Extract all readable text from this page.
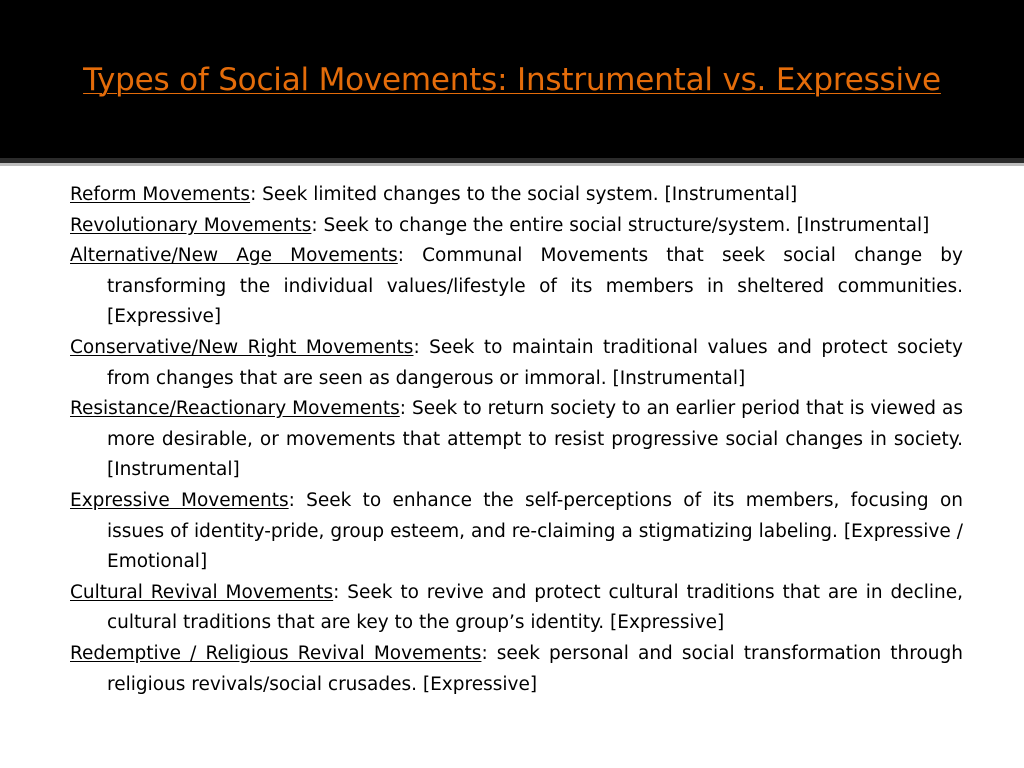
Types of Social Movements: Instrumental vs. Expressive

Reform Movements: Seek limited changes to the social system. [Instrumental]

Revolutionary Movements: Seek to change the entire social structure/system. [Instrumental]

Alternative/New Age Movements: Communal Movements that seek social change by transforming the individual values/lifestyle of its members in sheltered communities. [Expressive]

Conservative/New Right Movements: Seek to maintain traditional values and protect society from changes that are seen as dangerous or immoral. [Instrumental]

Resistance/Reactionary Movements: Seek to return society to an earlier period that is viewed as more desirable, or movements that attempt to resist progressive social changes in society. [Instrumental]

Expressive Movements: Seek to enhance the self-perceptions of its members, focusing on issues of identity-pride, group esteem, and re-claiming a stigmatizing labeling. [Expressive / Emotional]

Cultural Revival Movements: Seek to revive and protect cultural traditions that are in decline, cultural traditions that are key to the group’s identity. [Expressive]

Redemptive / Religious Revival Movements: seek personal and social transformation through religious revivals/social crusades. [Expressive]
